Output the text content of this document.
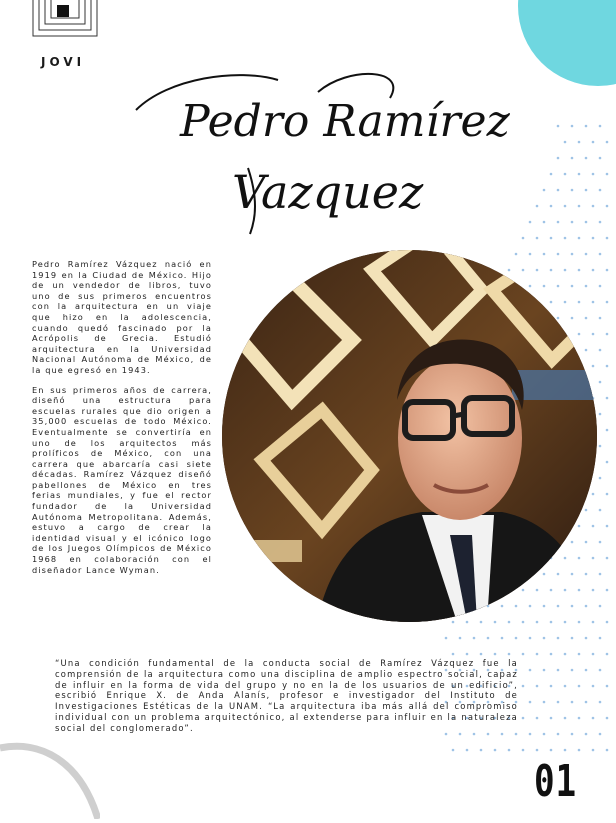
JOVI
Pedro Ramírez
Vazquez

Pedro Ramírez Vázquez nació en 1919 en la Ciudad de México. Hijo de un vendedor de libros, tuvo uno de sus primeros encuentros con la arquitectura en un viaje que hizo en la adolescencia, cuando quedó fascinado por la Acrópolis de Grecia. Estudió arquitectura en la Universidad Nacional Autónoma de México, de la que egresó en 1943.

En sus primeros años de carrera, diseñó una estructura para escuelas rurales que dio origen a 35,000 escuelas de todo México. Eventualmente se convertiría en uno de los arquitectos más prolíficos de México, con una carrera que abarcaría casi siete décadas. Ramírez Vázquez diseñó pabellones de México en tres ferias mundiales, y fue el rector fundador de la Universidad Autónoma Metropolitana. Además, estuvo a cargo de crear la identidad visual y el icónico logo de los Juegos Olímpicos de México 1968 en colaboración con el diseñador Lance Wyman.

“Una condición fundamental de la conducta social de Ramírez Vázquez fue la comprensión de la arquitectura como una disciplina de amplio espectro social, capaz de influir en la forma de vida del grupo y no en la de los usuarios de un edificio”, escribió Enrique X. de Anda Alanís, profesor e investigador del Instituto de Investigaciones Estéticas de la UNAM. “La arquitectura iba más allá del compromiso individual con un problema arquitectónico, al extenderse para influir en la naturaleza social del conglomerado”.

01
